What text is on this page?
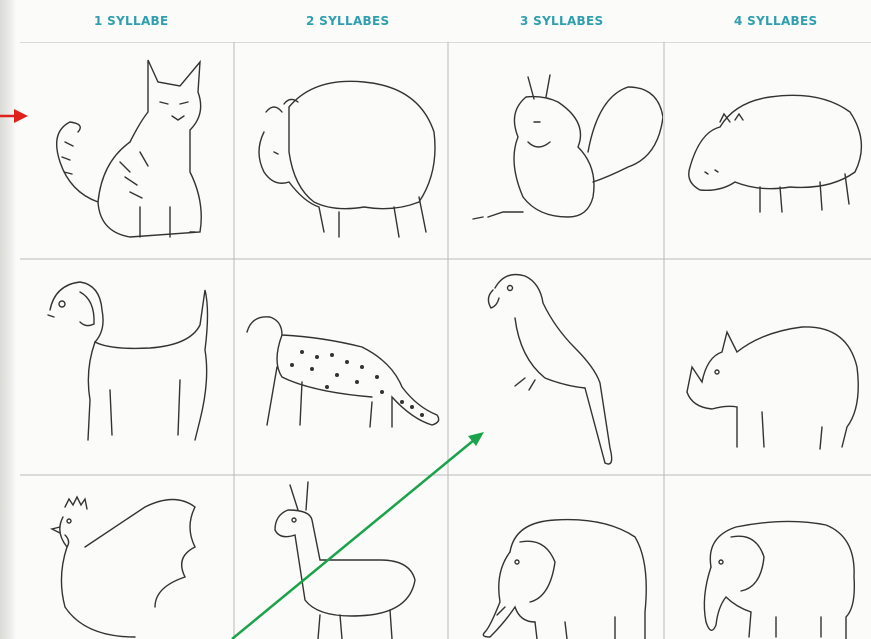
1 SYLLABE	2 SYLLABES	3 SYLLABES	4 SYLLABES
